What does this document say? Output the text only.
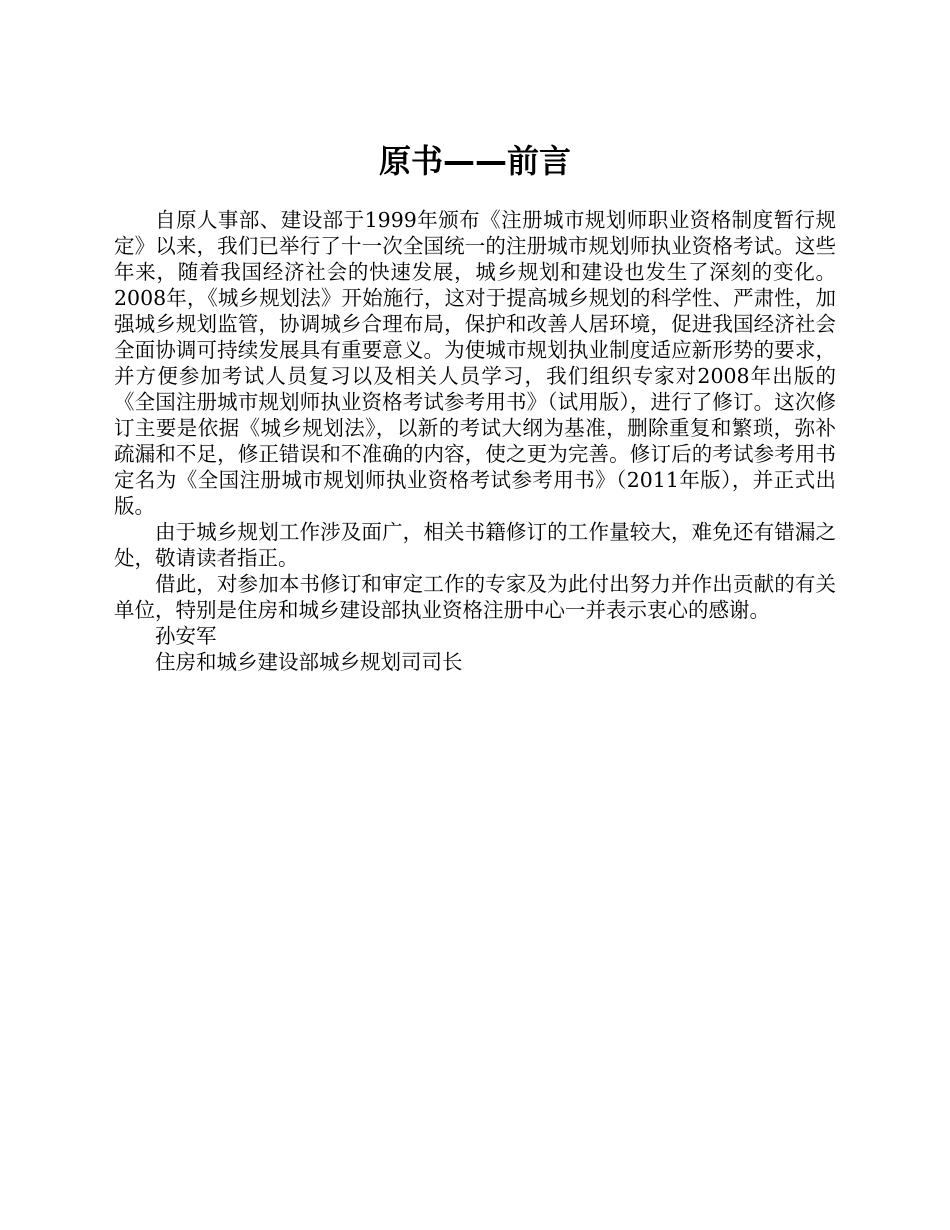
原书——前言

自原人事部、建设部于1999年颁布《注册城市规划师职业资格制度暂行规定》以来，我们已举行了十一次全国统一的注册城市规划师执业资格考试。这些年来，随着我国经济社会的快速发展，城乡规划和建设也发生了深刻的变化。2008年，《城乡规划法》开始施行，这对于提高城乡规划的科学性、严肃性，加强城乡规划监管，协调城乡合理布局，保护和改善人居环境，促进我国经济社会全面协调可持续发展具有重要意义。为使城市规划执业制度适应新形势的要求，并方便参加考试人员复习以及相关人员学习，我们组织专家对2008年出版的《全国注册城市规划师执业资格考试参考用书》（试用版），进行了修订。这次修订主要是依据《城乡规划法》，以新的考试大纲为基准，删除重复和繁琐，弥补疏漏和不足，修正错误和不准确的内容，使之更为完善。修订后的考试参考用书定名为《全国注册城市规划师执业资格考试参考用书》（2011年版），并正式出版。

由于城乡规划工作涉及面广，相关书籍修订的工作量较大，难免还有错漏之处，敬请读者指正。

借此，对参加本书修订和审定工作的专家及为此付出努力并作出贡献的有关单位，特别是住房和城乡建设部执业资格注册中心一并表示衷心的感谢。

孙安军

住房和城乡建设部城乡规划司司长
